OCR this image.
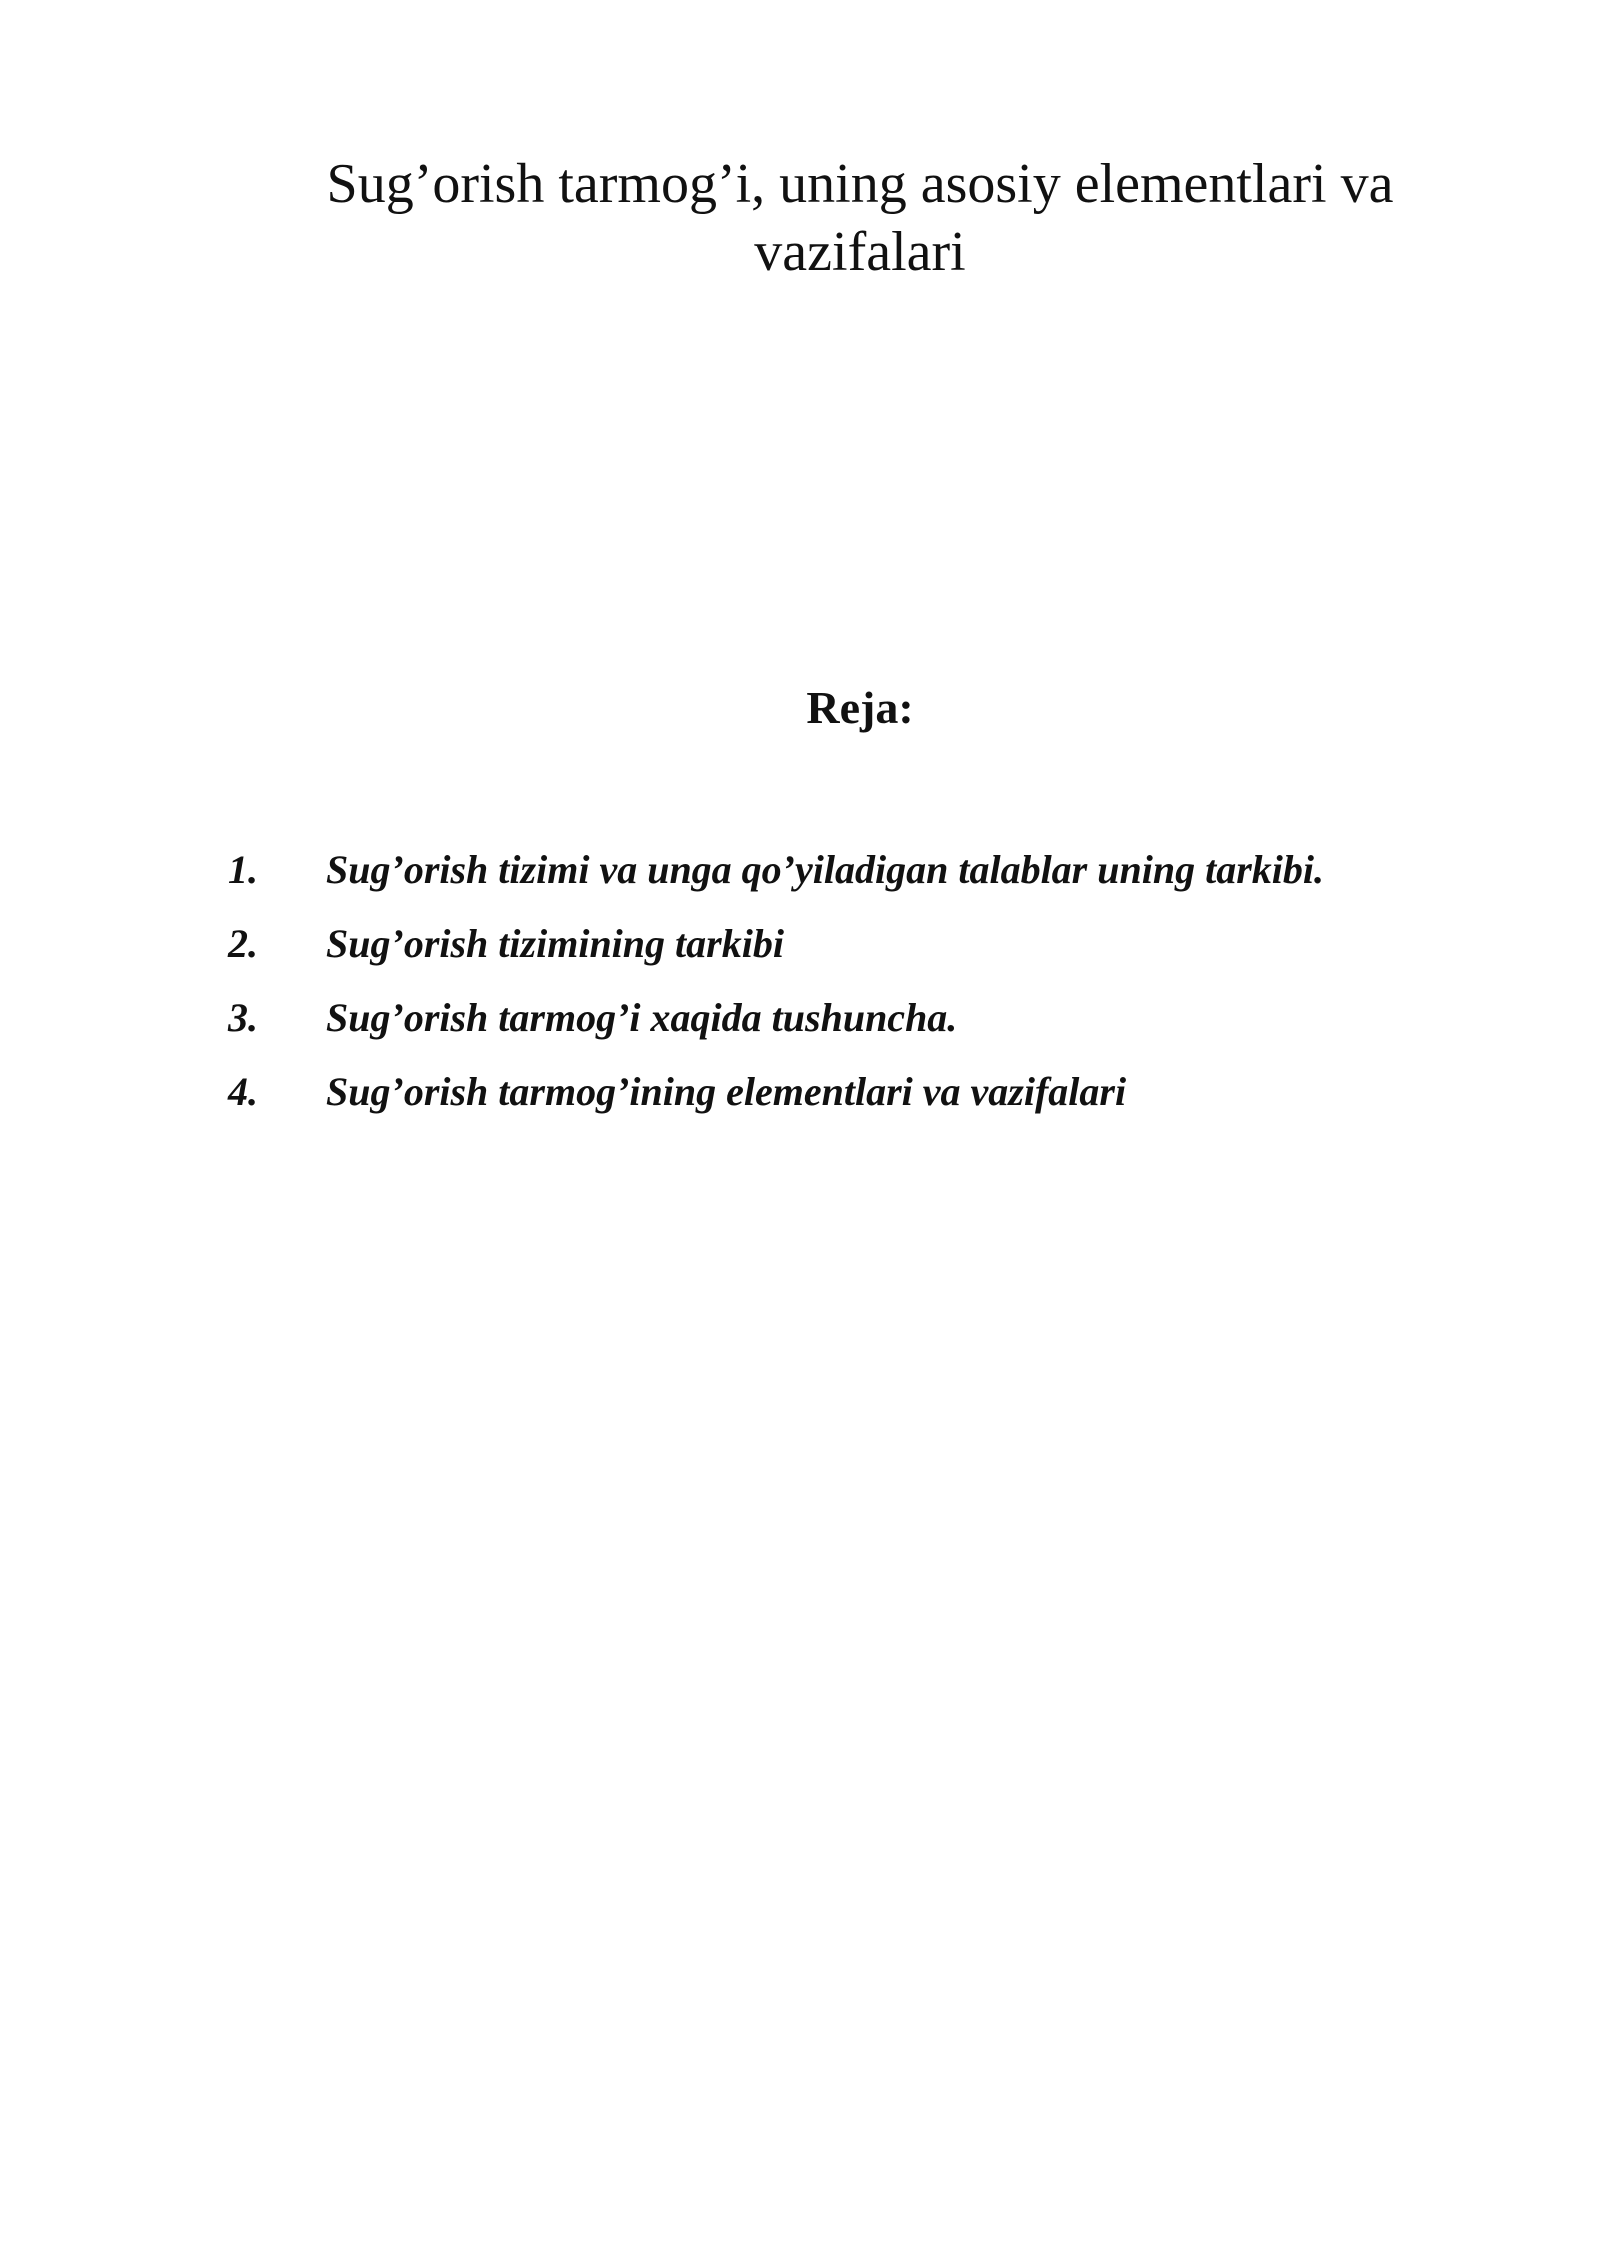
Sug’orish tarmog’i, uning asosiy elementlari va vazifalari
Reja:
1.	Sug’orish tizimi va unga qo’yiladigan talablar uning tarkibi.
2.	Sug’orish tizimining tarkibi
3.	Sug’orish tarmog’i xaqida tushuncha.
4.	Sug’orish tarmog’ining elementlari va vazifalari
